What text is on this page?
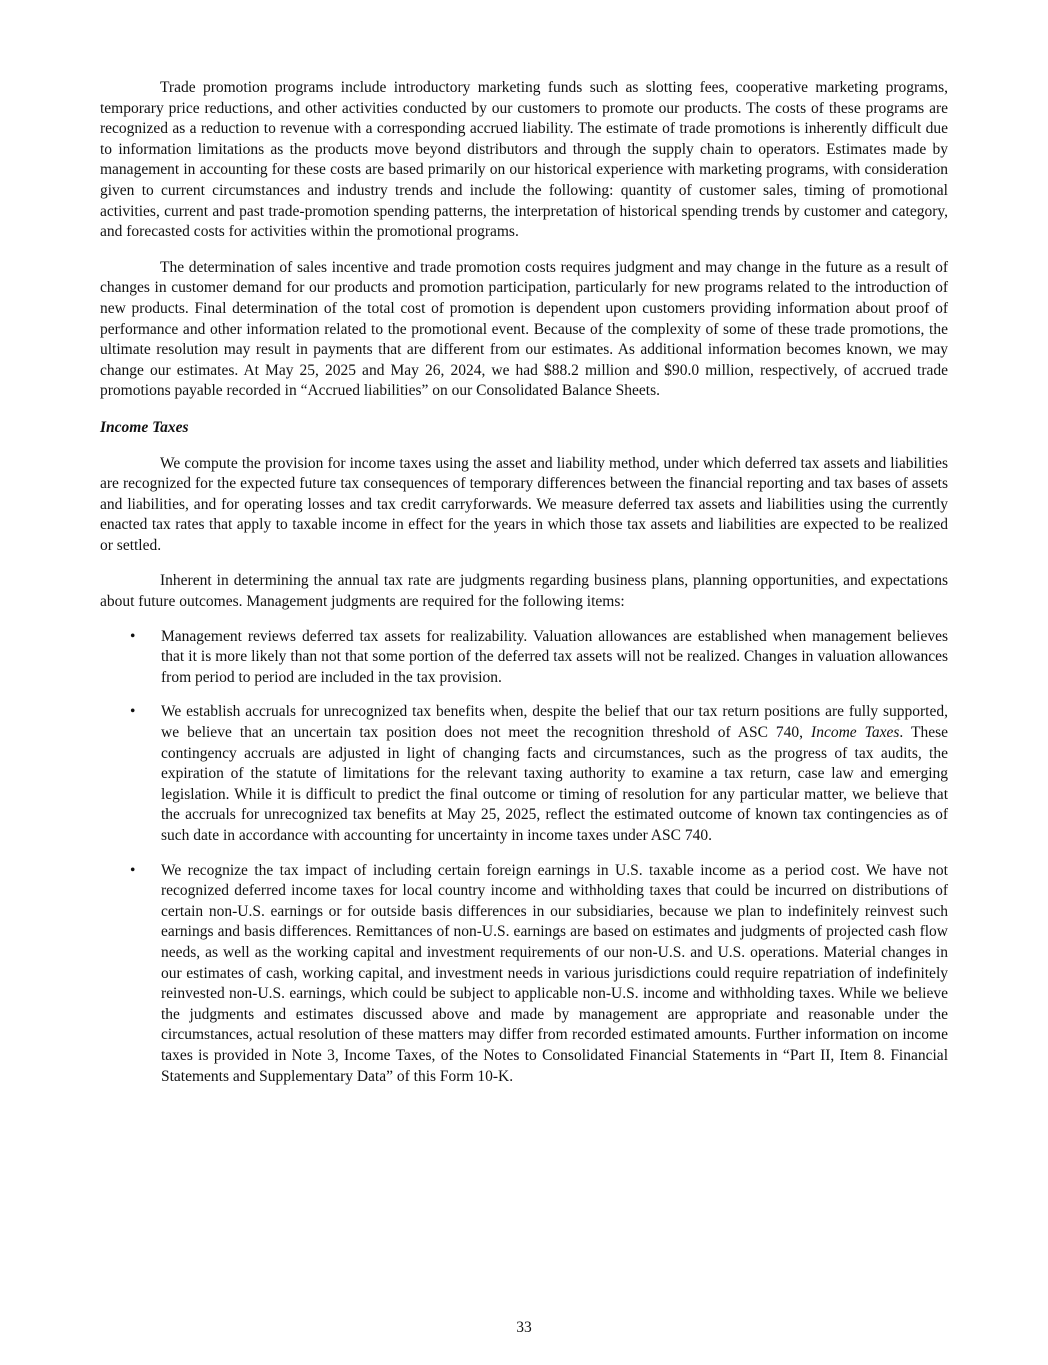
Trade promotion programs include introductory marketing funds such as slotting fees, cooperative marketing programs, temporary price reductions, and other activities conducted by our customers to promote our products. The costs of these programs are recognized as a reduction to revenue with a corresponding accrued liability. The estimate of trade promotions is inherently difficult due to information limitations as the products move beyond distributors and through the supply chain to operators. Estimates made by management in accounting for these costs are based primarily on our historical experience with marketing programs, with consideration given to current circumstances and industry trends and include the following: quantity of customer sales, timing of promotional activities, current and past trade-promotion spending patterns, the interpretation of historical spending trends by customer and category, and forecasted costs for activities within the promotional programs.

The determination of sales incentive and trade promotion costs requires judgment and may change in the future as a result of changes in customer demand for our products and promotion participation, particularly for new programs related to the introduction of new products. Final determination of the total cost of promotion is dependent upon customers providing information about proof of performance and other information related to the promotional event. Because of the complexity of some of these trade promotions, the ultimate resolution may result in payments that are different from our estimates. As additional information becomes known, we may change our estimates. At May 25, 2025 and May 26, 2024, we had $88.2 million and $90.0 million, respectively, of accrued trade promotions payable recorded in “Accrued liabilities” on our Consolidated Balance Sheets.

Income Taxes

We compute the provision for income taxes using the asset and liability method, under which deferred tax assets and liabilities are recognized for the expected future tax consequences of temporary differences between the financial reporting and tax bases of assets and liabilities, and for operating losses and tax credit carryforwards. We measure deferred tax assets and liabilities using the currently enacted tax rates that apply to taxable income in effect for the years in which those tax assets and liabilities are expected to be realized or settled.

Inherent in determining the annual tax rate are judgments regarding business plans, planning opportunities, and expectations about future outcomes. Management judgments are required for the following items:

• Management reviews deferred tax assets for realizability. Valuation allowances are established when management believes that it is more likely than not that some portion of the deferred tax assets will not be realized. Changes in valuation allowances from period to period are included in the tax provision.
• We establish accruals for unrecognized tax benefits when, despite the belief that our tax return positions are fully supported, we believe that an uncertain tax position does not meet the recognition threshold of ASC 740, Income Taxes. These contingency accruals are adjusted in light of changing facts and circumstances, such as the progress of tax audits, the expiration of the statute of limitations for the relevant taxing authority to examine a tax return, case law and emerging legislation. While it is difficult to predict the final outcome or timing of resolution for any particular matter, we believe that the accruals for unrecognized tax benefits at May 25, 2025, reflect the estimated outcome of known tax contingencies as of such date in accordance with accounting for uncertainty in income taxes under ASC 740.
• We recognize the tax impact of including certain foreign earnings in U.S. taxable income as a period cost. We have not recognized deferred income taxes for local country income and withholding taxes that could be incurred on distributions of certain non-U.S. earnings or for outside basis differences in our subsidiaries, because we plan to indefinitely reinvest such earnings and basis differences. Remittances of non-U.S. earnings are based on estimates and judgments of projected cash flow needs, as well as the working capital and investment requirements of our non-U.S. and U.S. operations. Material changes in our estimates of cash, working capital, and investment needs in various jurisdictions could require repatriation of indefinitely reinvested non-U.S. earnings, which could be subject to applicable non-U.S. income and withholding taxes. While we believe the judgments and estimates discussed above and made by management are appropriate and reasonable under the circumstances, actual resolution of these matters may differ from recorded estimated amounts. Further information on income taxes is provided in Note 3, Income Taxes, of the Notes to Consolidated Financial Statements in “Part II, Item 8. Financial Statements and Supplementary Data” of this Form 10-K.
33
